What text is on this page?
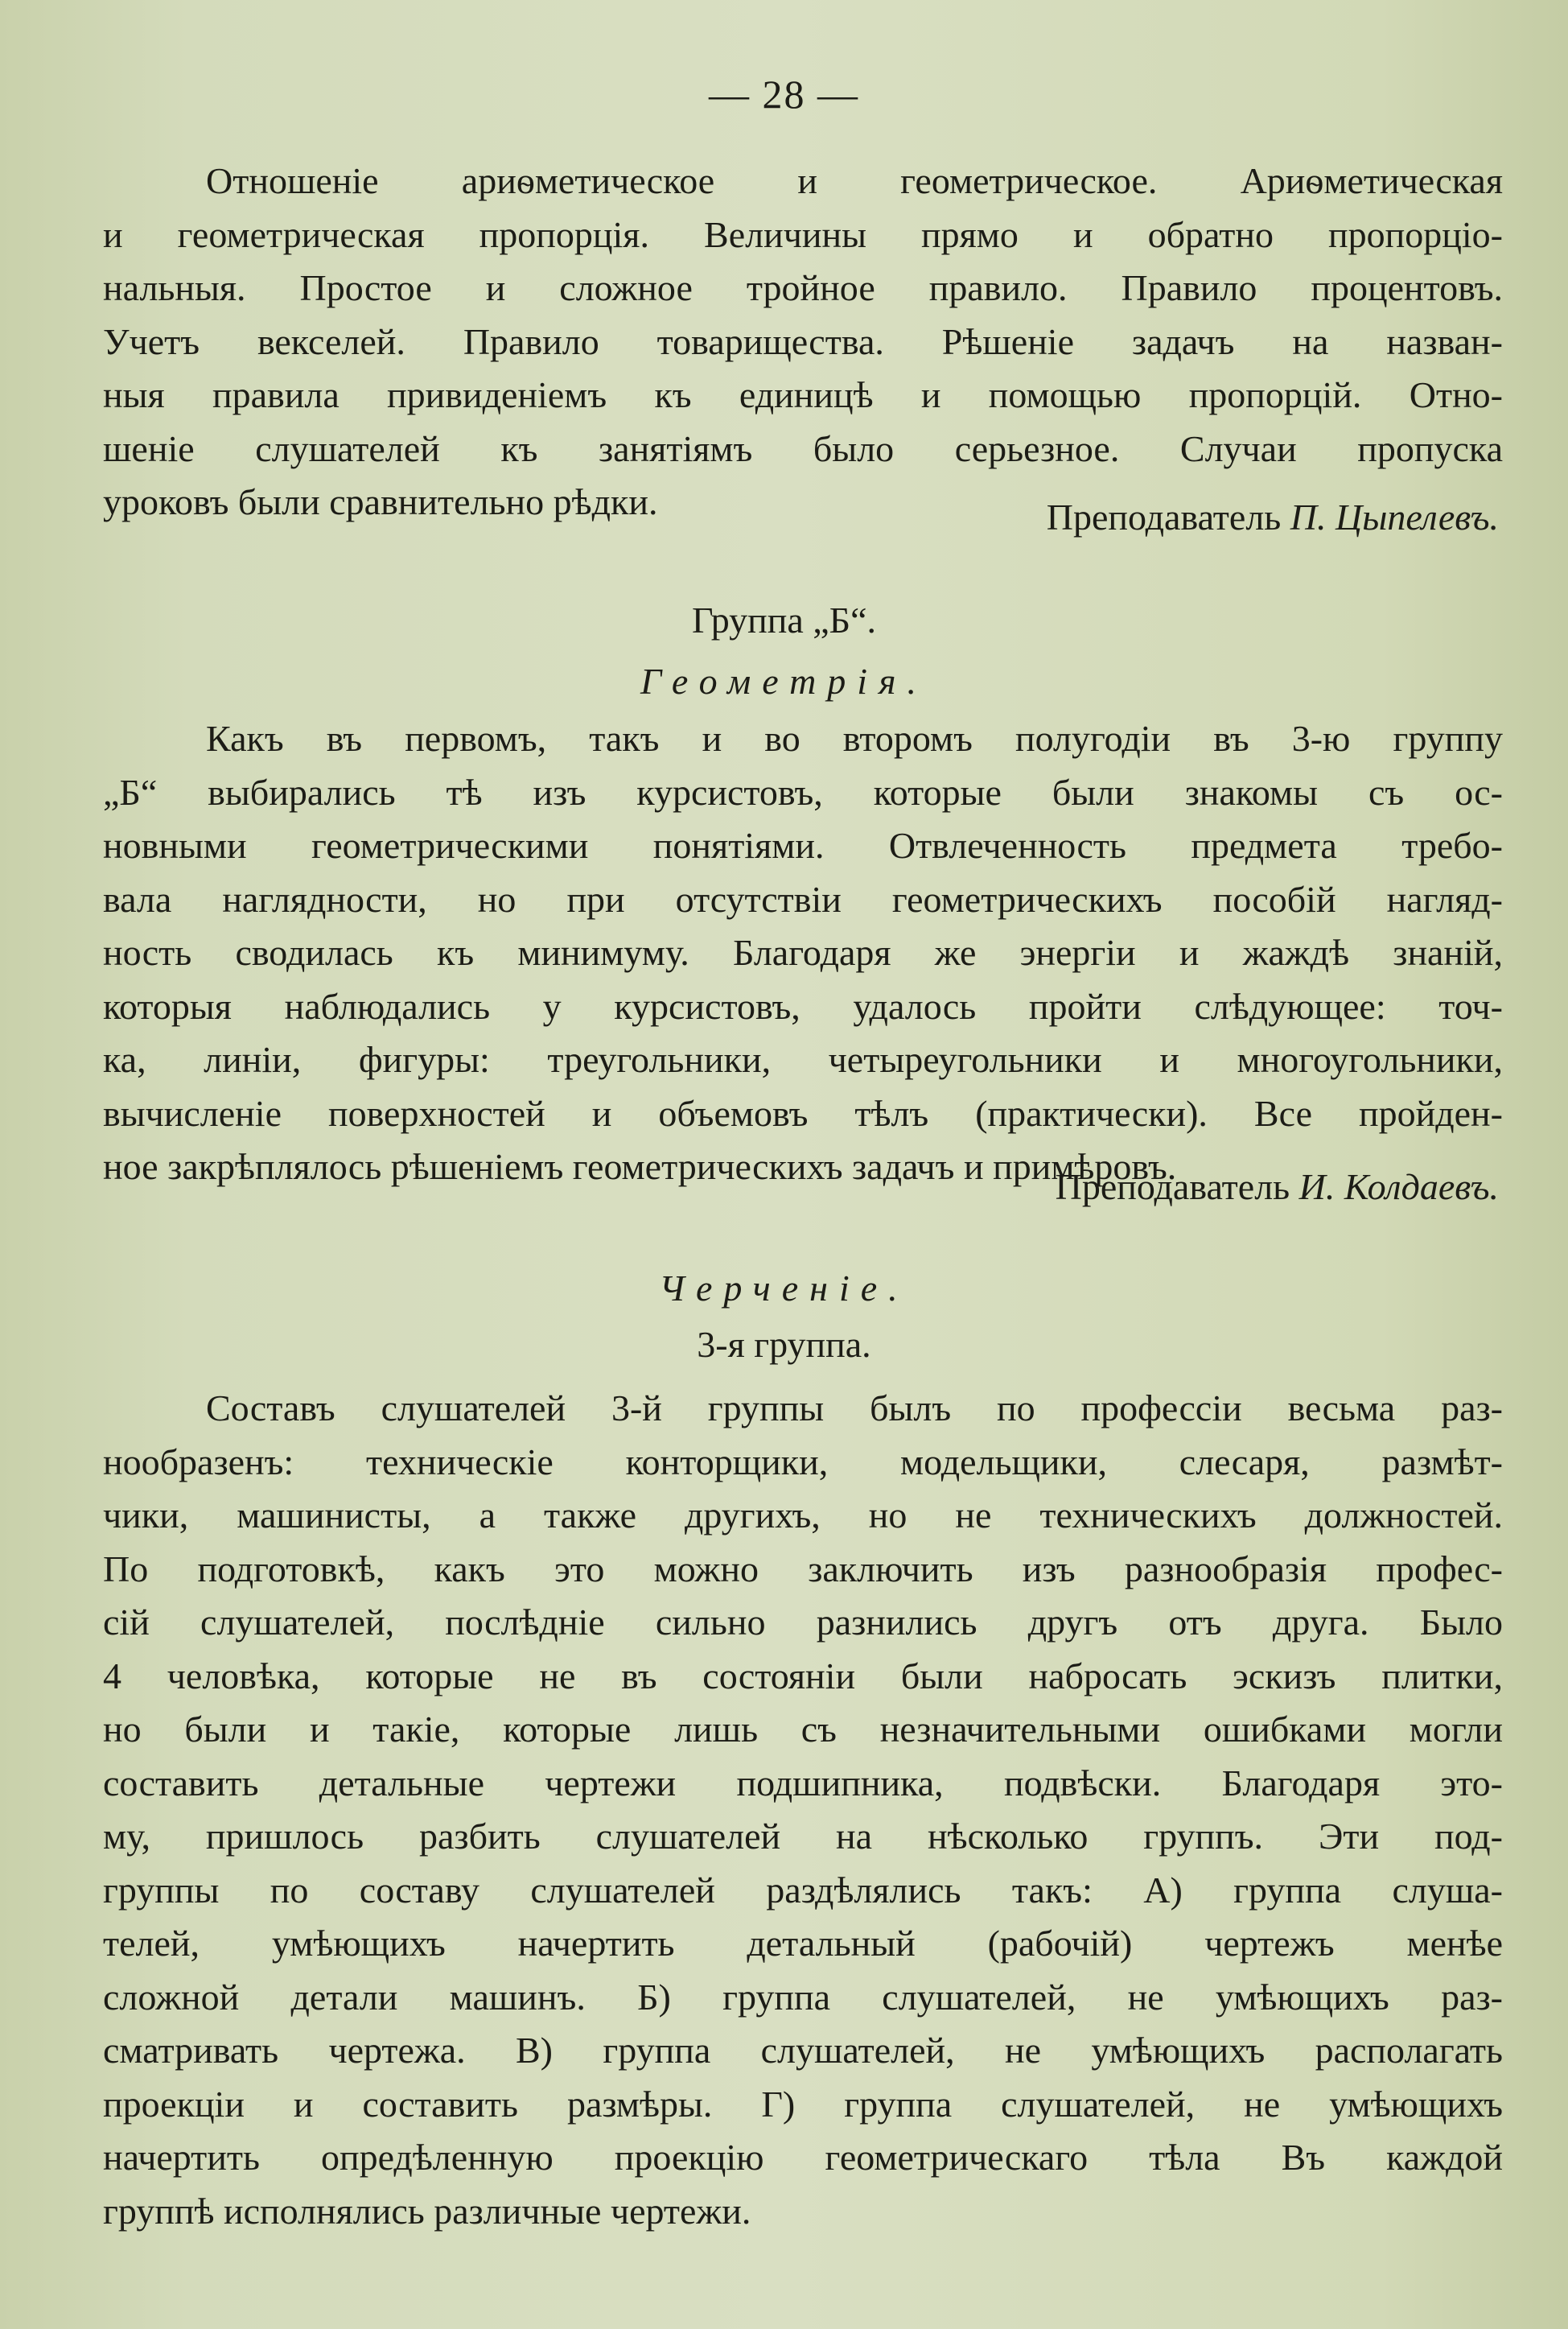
— 28 —
Отношенiе ариѳметическое и геометрическое. Ариѳметическая
и геометрическая пропорцiя. Величины прямо и обратно пропорцiо-
нальныя. Простое и сложное тройное правило. Правило процентовъ.
Учетъ векселей. Правило товарищества. Рѣшенiе задачъ на назван-
ныя правила привиденiемъ къ единицѣ и помощью пропорцiй. Отно-
шенiе слушателей къ занятiямъ было серьезное. Случаи пропуска
уроковъ были сравнительно рѣдки.	Преподаватель П. Цыпелевъ.
Группа „Б“.
Геометрiя.
Какъ въ первомъ, такъ и во второмъ полугодiи въ 3-ю группу
„Б“ выбирались тѣ изъ курсистовъ, которые были знакомы съ ос-
новными геометрическими понятiями. Отвлеченность предмета требо-
вала наглядности, но при отсутствiи геометрическихъ пособiй нагляд-
ность сводилась къ минимуму. Благодаря же энергiи и жаждѣ знанiй,
которыя наблюдались у курсистовъ, удалось пройти слѣдующее: точ-
ка, линiи, фигуры: треугольники, четыреугольники и многоугольники,
вычисленiе поверхностей и объемовъ тѣлъ (практически). Все пройден-
ное закрѣплялось рѣшенiемъ геометрическихъ задачъ и примѣровъ.
Преподаватель И. Колдаевъ.
Черченiе.
3-я группа.
Составъ слушателей 3-й группы былъ по профессiи весьма раз-
нообразенъ: техническiе конторщики, модельщики, слесаря, размѣт-
чики, машинисты, а также другихъ, но не техническихъ должностей.
По подготовкѣ, какъ это можно заключить изъ разнообразiя профес-
сiй слушателей, послѣднiе сильно разнились другъ отъ друга. Было
4 человѣка, которые не въ состоянiи были набросать эскизъ плитки,
но были и такiе, которые лишь съ незначительными ошибками могли
составить детальные чертежи подшипника, подвѣски. Благодаря это-
му, пришлось разбить слушателей на нѣсколько группъ. Эти под-
группы по составу слушателей раздѣлялись такъ: А) группа слуша-
телей, умѣющихъ начертить детальный (рабочiй) чертежъ менѣе
сложной детали машинъ. Б) группа слушателей, не умѣющихъ раз-
сматривать чертежа. В) группа слушателей, не умѣющихъ располагать
проекцiи и составить размѣры. Г) группа слушателей, не умѣющихъ
начертить опредѣленную проекцiю геометрическаго тѣла Въ каждой
группѣ исполнялись различные чертежи.
